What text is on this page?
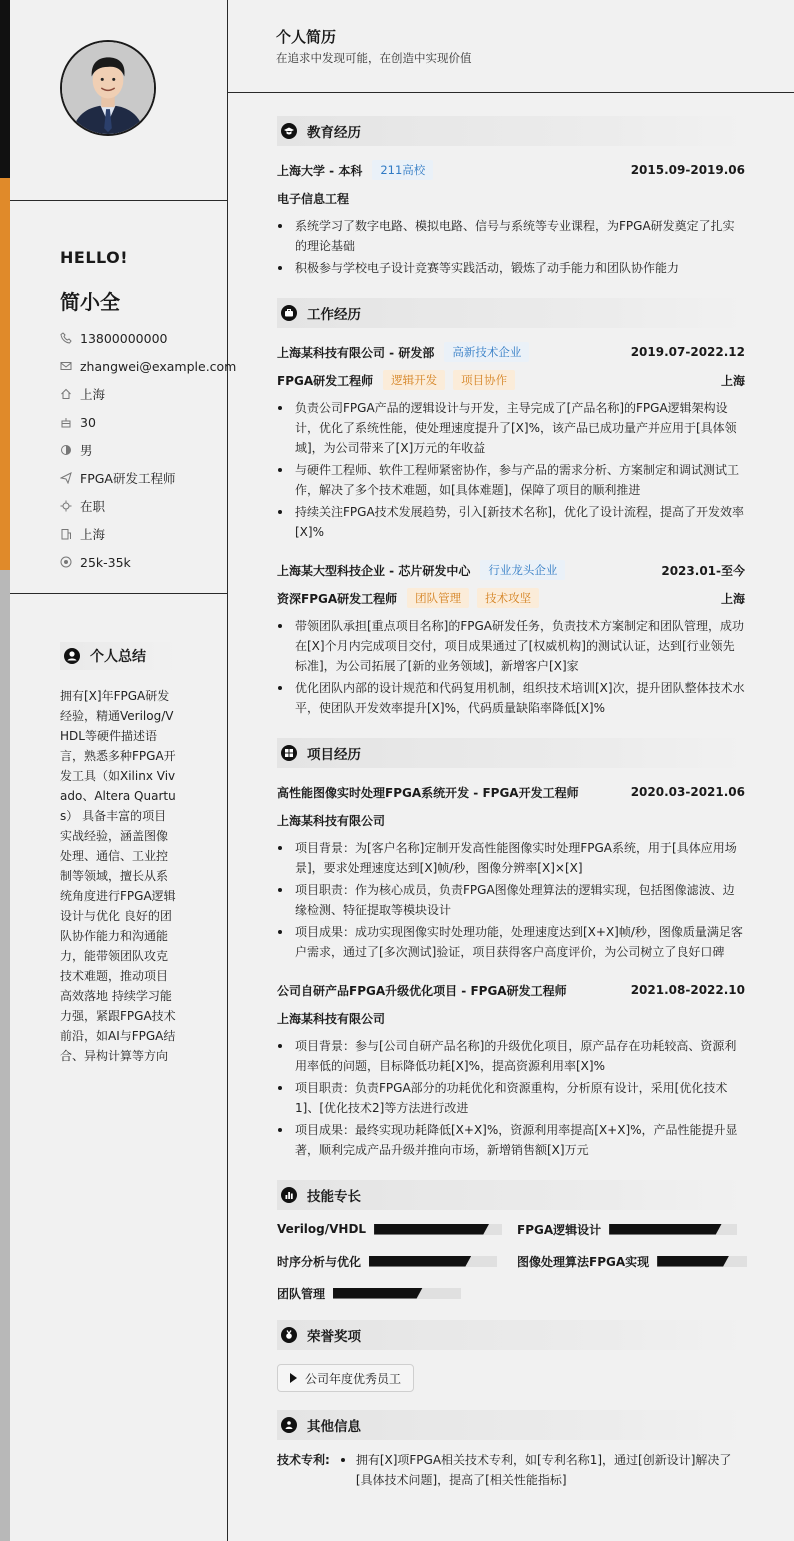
HELLO!
简小全
13800000000
zhangwei@example.com
上海
30
男
FPGA研发工程师
在职
上海
25k-35k
个人总结
拥有[X]年FPGA研发经验，精通Verilog/VHDL等硬件描述语言，熟悉多种FPGA开发工具（如Xilinx Vivado、Altera Quartus） 具备丰富的项目实战经验，涵盖图像处理、通信、工业控制等领域，擅长从系统角度进行FPGA逻辑设计与优化 良好的团队协作能力和沟通能力，能带领团队攻克技术难题，推动项目高效落地 持续学习能力强，紧跟FPGA技术前沿，如AI与FPGA结合、异构计算等方向
个人简历
在追求中发现可能，在创造中实现价值
教育经历
上海大学 - 本科	211高校	2015.09-2019.06
电子信息工程
系统学习了数字电路、模拟电路、信号与系统等专业课程，为FPGA研发奠定了扎实的理论基础
积极参与学校电子设计竞赛等实践活动，锻炼了动手能力和团队协作能力
工作经历
上海某科技有限公司 - 研发部	高新技术企业	2019.07-2022.12
FPGA研发工程师	逻辑开发	项目协作	上海
负责公司FPGA产品的逻辑设计与开发，主导完成了[产品名称]的FPGA逻辑架构设计，优化了系统性能，使处理速度提升了[X]%，该产品已成功量产并应用于[具体领域]，为公司带来了[X]万元的年收益
与硬件工程师、软件工程师紧密协作，参与产品的需求分析、方案制定和调试测试工作，解决了多个技术难题，如[具体难题]，保障了项目的顺利推进
持续关注FPGA技术发展趋势，引入[新技术名称]，优化了设计流程，提高了开发效率[X]%
上海某大型科技企业 - 芯片研发中心	行业龙头企业	2023.01-至今
资深FPGA研发工程师	团队管理	技术攻坚	上海
带领团队承担[重点项目名称]的FPGA研发任务，负责技术方案制定和团队管理，成功在[X]个月内完成项目交付，项目成果通过了[权威机构]的测试认证，达到[行业领先标准]，为公司拓展了[新的业务领域]，新增客户[X]家
优化团队内部的设计规范和代码复用机制，组织技术培训[X]次，提升团队整体技术水平，使团队开发效率提升[X]%，代码质量缺陷率降低[X]%
项目经历
高性能图像实时处理FPGA系统开发 - FPGA开发工程师	2020.03-2021.06
上海某科技有限公司
项目背景：为[客户名称]定制开发高性能图像实时处理FPGA系统，用于[具体应用场景]，要求处理速度达到[X]帧/秒，图像分辨率[X]×[X]
项目职责：作为核心成员，负责FPGA图像处理算法的逻辑实现，包括图像滤波、边缘检测、特征提取等模块设计
项目成果：成功实现图像实时处理功能，处理速度达到[X+X]帧/秒，图像质量满足客户需求，通过了[多次测试]验证，项目获得客户高度评价，为公司树立了良好口碑
公司自研产品FPGA升级优化项目 - FPGA研发工程师	2021.08-2022.10
上海某科技有限公司
项目背景：参与[公司自研产品名称]的升级优化项目，原产品存在功耗较高、资源利用率低的问题，目标降低功耗[X]%，提高资源利用率[X]%
项目职责：负责FPGA部分的功耗优化和资源重构，分析原有设计，采用[优化技术1]、[优化技术2]等方法进行改进
项目成果：最终实现功耗降低[X+X]%，资源利用率提高[X+X]%，产品性能提升显著，顺利完成产品升级并推向市场，新增销售额[X]万元
技能专长
Verilog/VHDL	FPGA逻辑设计
时序分析与优化	图像处理算法FPGA实现
团队管理
荣誉奖项
公司年度优秀员工
其他信息
技术专利:	拥有[X]项FPGA相关技术专利，如[专利名称1]，通过[创新设计]解决了[具体技术问题]，提高了[相关性能指标]
